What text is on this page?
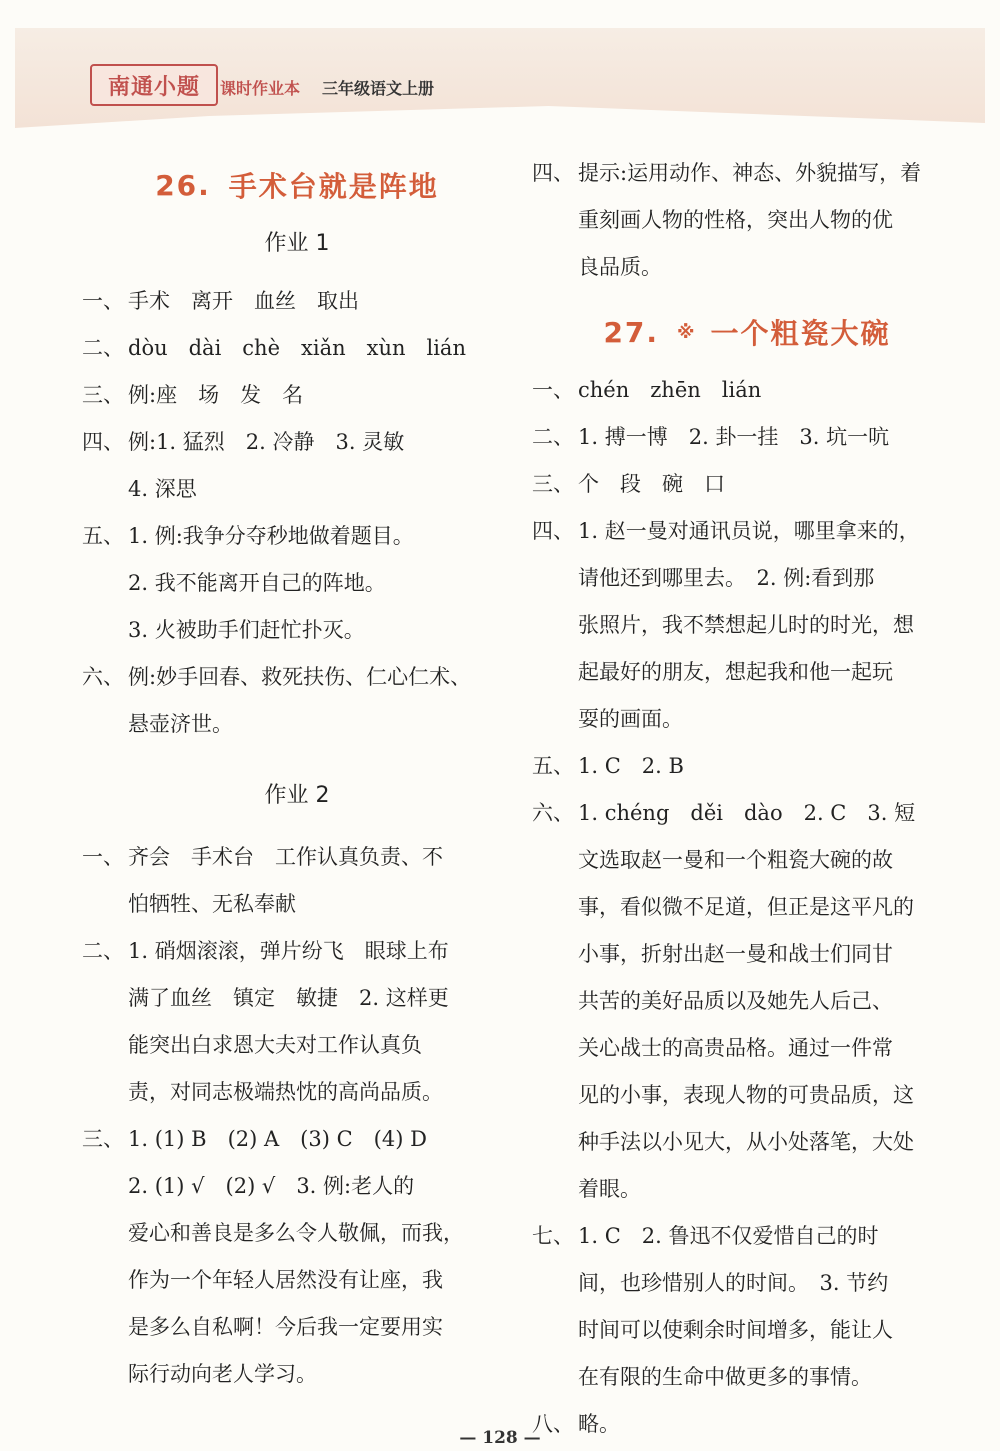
南通小题	课时作业本 三年级语文上册
26. 手术台就是阵地
作业 1
一、 手术　离开　血丝　取出
二、 dòu　dài　chè　xiǎn　xùn　lián
三、 例:座　场　发　名
四、 例:1. 猛烈　2. 冷静　3. 灵敏
4. 深思
五、 1. 例:我争分夺秒地做着题目。
2. 我不能离开自己的阵地。
3. 火被助手们赶忙扑灭。
六、 例:妙手回春、救死扶伤、仁心仁术、
悬壶济世。
作业 2
一、 齐会　手术台　工作认真负责、不
怕牺牲、无私奉献
二、 1. 硝烟滚滚，弹片纷飞　眼球上布
满了血丝　镇定　敏捷　2. 这样更
能突出白求恩大夫对工作认真负
责，对同志极端热忱的高尚品质。
三、 1. (1) B　(2) A　(3) C　(4) D
2. (1) √　(2) √　3. 例:老人的
爱心和善良是多么令人敬佩，而我，
作为一个年轻人居然没有让座，我
是多么自私啊！今后我一定要用实
际行动向老人学习。
四、 提示:运用动作、神态、外貌描写，着
重刻画人物的性格，突出人物的优
良品质。
27. ※ 一个粗瓷大碗
一、 chén　zhēn　lián
二、 1. 搏一博　2. 卦一挂　3. 坑一吭
三、 个　段　碗　口
四、 1. 赵一曼对通讯员说，哪里拿来的，
请他还到哪里去。　2. 例:看到那
张照片，我不禁想起儿时的时光，想
起最好的朋友，想起我和他一起玩
耍的画面。
五、 1. C　2. B
六、 1. chéng　děi　dào　2. C　3. 短
文选取赵一曼和一个粗瓷大碗的故
事，看似微不足道，但正是这平凡的
小事，折射出赵一曼和战士们同甘
共苦的美好品质以及她先人后己、
关心战士的高贵品格。通过一件常
见的小事，表现人物的可贵品质，这
种手法以小见大，从小处落笔，大处
着眼。
七、 1. C　2. 鲁迅不仅爱惜自己的时
间，也珍惜别人的时间。　3. 节约
时间可以使剩余时间增多，能让人
在有限的生命中做更多的事情。
八、 略。
— 128 —
